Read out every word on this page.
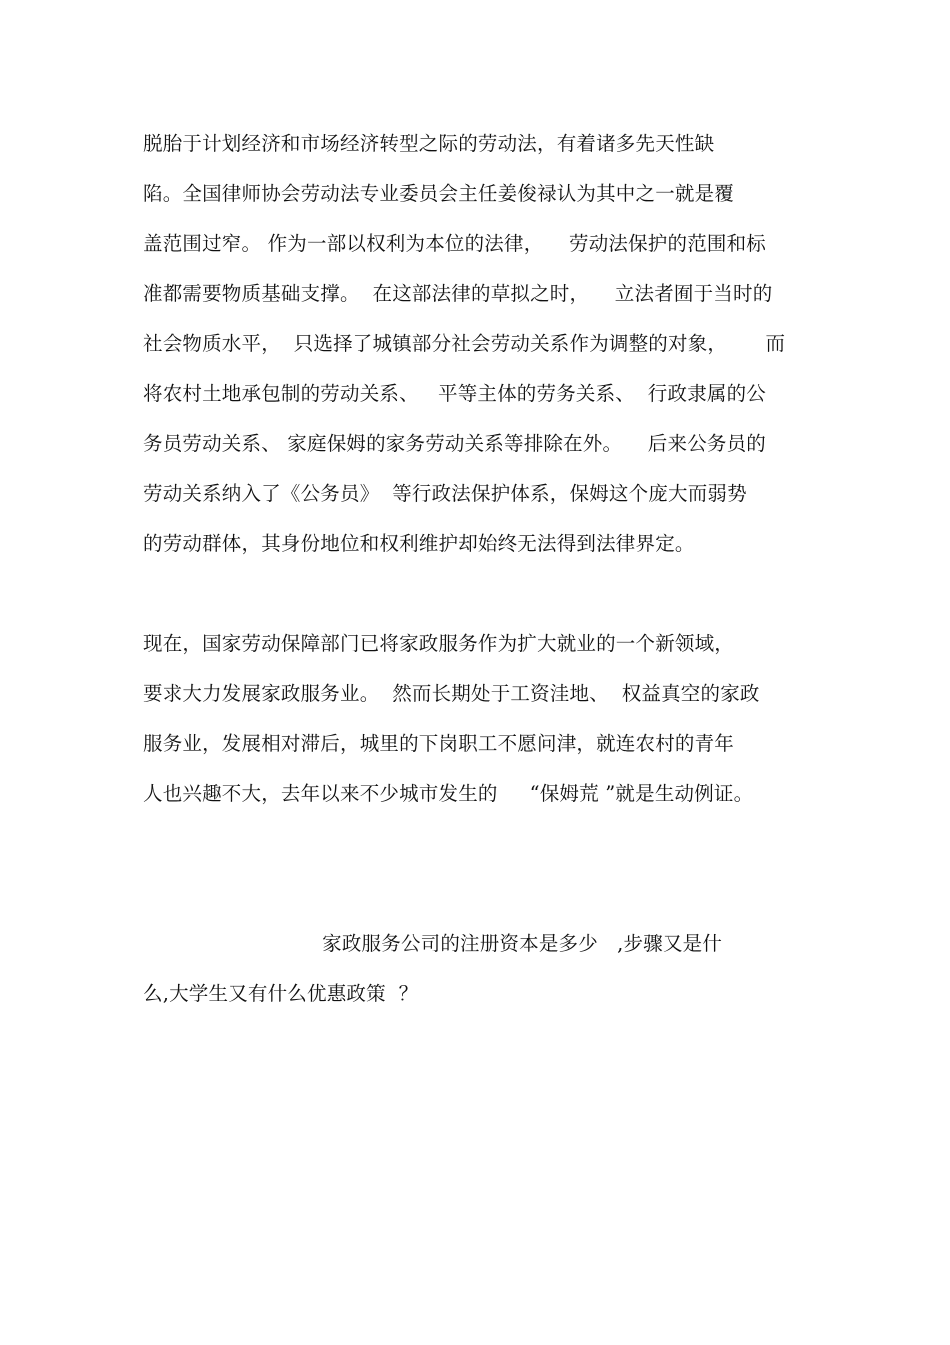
脱胎于计划经济和市场经济转型之际的劳动法，有着诸多先天性缺
陷。全国律师协会劳动法专业委员会主任姜俊禄认为其中之一就是覆
盖范围过窄。 作为一部以权利为本位的法律，    劳动法保护的范围和标
准都需要物质基础支撑。  在这部法律的草拟之时，    立法者囿于当时的
社会物质水平，  只选择了城镇部分社会劳动关系作为调整的对象，      而
将农村土地承包制的劳动关系、   平等主体的劳务关系、  行政隶属的公
务员劳动关系、 家庭保姆的家务劳动关系等排除在外。    后来公务员的
劳动关系纳入了《公务员》  等行政法保护体系，保姆这个庞大而弱势
的劳动群体，其身份地位和权利维护却始终无法得到法律界定。
现在，国家劳动保障部门已将家政服务作为扩大就业的一个新领域，
要求大力发展家政服务业。  然而长期处于工资洼地、  权益真空的家政
服务业，发展相对滞后，城里的下岗职工不愿问津，就连农村的青年
人也兴趣不大，去年以来不少城市发生的     “保姆荒 ”就是生动例证。
家政服务公司的注册资本是多少   ,步骤又是什
么,大学生又有什么优惠政策  ？
